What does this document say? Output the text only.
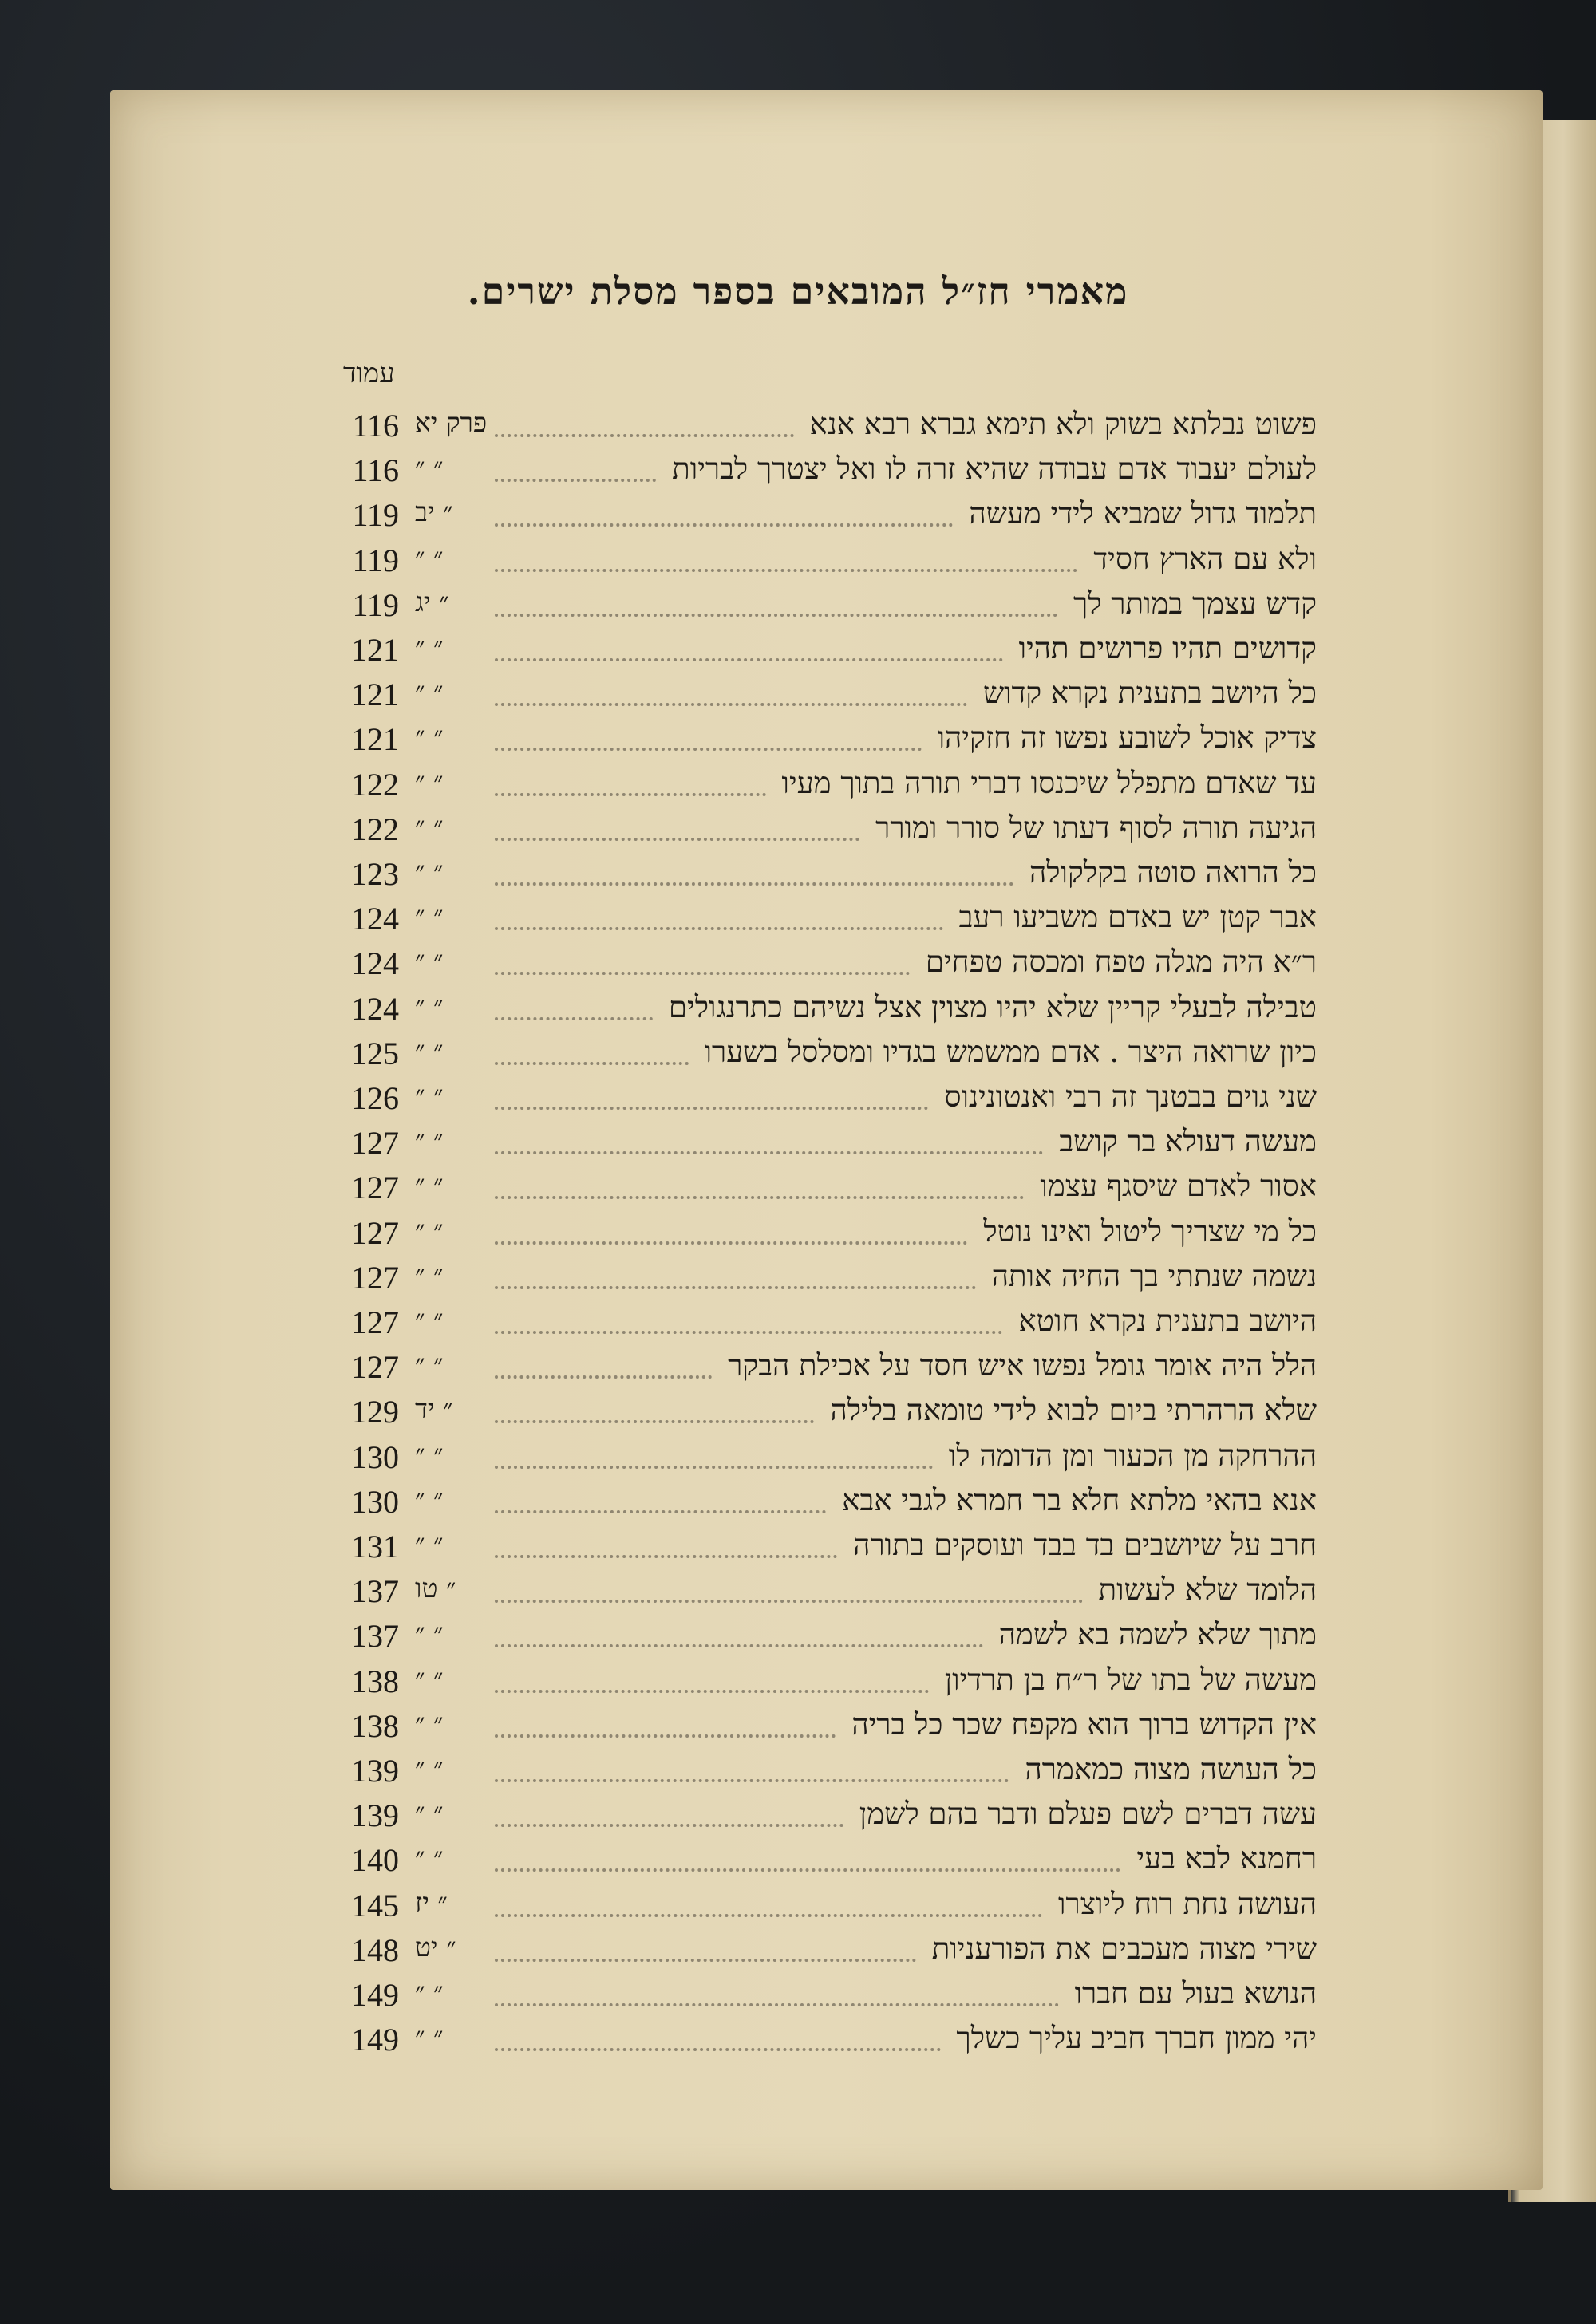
מאמרי חז״ל המובאים בספר מסלת ישרים.
עמוד
פשוט נבלתא בשוק ולא תימא גברא רבא אנא
פרק יא
116
לעולם יעבוד אדם עבודה שהיא זרה לו ואל יצטרך לבריות
״ ״
116
תלמוד גדול שמביא לידי מעשה
״ יב
119
ולא עם הארץ חסיד
״ ״
119
קדש עצמך במותר לך
״ יג
119
קדושים תהיו פרושים תהיו
״ ״
121
כל היושב בתענית נקרא קדוש
״ ״
121
צדיק אוכל לשובע נפשו זה חזקיהו
״ ״
121
עד שאדם מתפלל שיכנסו דברי תורה בתוך מעיו
״ ״
122
הגיעה תורה לסוף דעתו של סורר ומורר
״ ״
122
כל הרואה סוטה בקלקולה
״ ״
123
אבר קטן יש באדם משביעו רעב
״ ״
124
ר״א היה מגלה טפח ומכסה טפחים
״ ״
124
טבילה לבעלי קריין שלא יהיו מצוין אצל נשיהם כתרנגולים
״ ״
124
כיון שרואה היצר . אדם ממשמש בגדיו ומסלסל בשערו
״ ״
125
שני גוים בבטנך זה רבי ואנטונינוס
״ ״
126
מעשה דעולא בר קושב
״ ״
127
אסור לאדם שיסגף עצמו
״ ״
127
כל מי שצריך ליטול ואינו נוטל
״ ״
127
נשמה שנתתי בך החיה אותה
״ ״
127
היושב בתענית נקרא חוטא
״ ״
127
הלל היה אומר גומל נפשו איש חסד על אכילת הבקר
״ ״
127
שלא הרהרתי ביום לבוא לידי טומאה בלילה
״ יד
129
ההרחקה מן הכעור ומן הדומה לו
״ ״
130
אנא בהאי מלתא חלא בר חמרא לגבי אבא
״ ״
130
חרב על שיושבים בד בבד ועוסקים בתורה
״ ״
131
הלומד שלא לעשות
״ טו
137
מתוך שלא לשמה בא לשמה
״ ״
137
מעשה של בתו של ר״ח בן תרדיון
״ ״
138
אין הקדוש ברוך הוא מקפח שכר כל בריה
״ ״
138
כל העושה מצוה כמאמרה
״ ״
139
עשה דברים לשם פעלם ודבר בהם לשמן
״ ״
139
רחמנא לבא בעי
״ ״
140
העושה נחת רוח ליוצרו
״ יז
145
שירי מצוה מעכבים את הפורעניות
״ יט
148
הנושא בעול עם חברו
״ ״
149
יהי ממון חברך חביב עליך כשלך
״ ״
149
